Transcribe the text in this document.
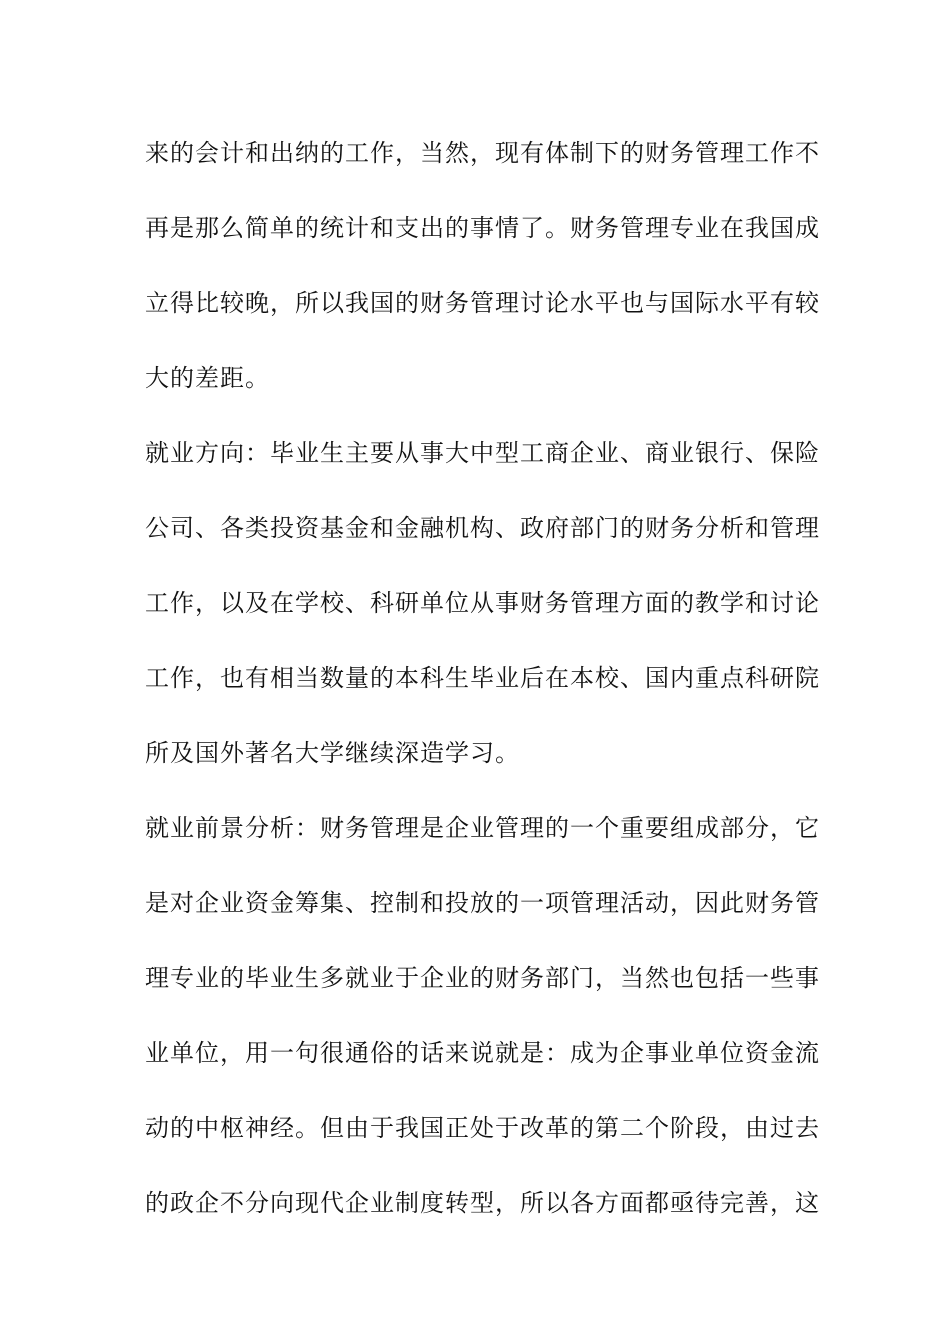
来的会计和出纳的工作，当然，现有体制下的财务管理工作不
再是那么简单的统计和支出的事情了。财务管理专业在我国成
立得比较晚，所以我国的财务管理讨论水平也与国际水平有较
大的差距。
就业方向：毕业生主要从事大中型工商企业、商业银行、保险
公司、各类投资基金和金融机构、政府部门的财务分析和管理
工作，以及在学校、科研单位从事财务管理方面的教学和讨论
工作，也有相当数量的本科生毕业后在本校、国内重点科研院
所及国外著名大学继续深造学习。
就业前景分析：财务管理是企业管理的一个重要组成部分，它
是对企业资金筹集、控制和投放的一项管理活动，因此财务管
理专业的毕业生多就业于企业的财务部门，当然也包括一些事
业单位，用一句很通俗的话来说就是：成为企事业单位资金流
动的中枢神经。但由于我国正处于改革的第二个阶段，由过去
的政企不分向现代企业制度转型，所以各方面都亟待完善，这
